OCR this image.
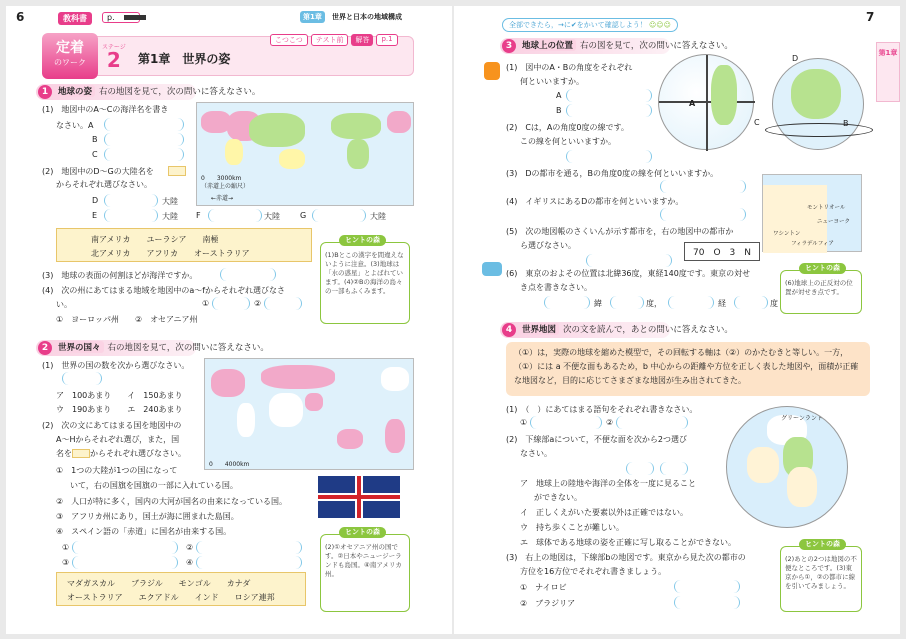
6	教科書	p.	第1章	世界と日本の地域構成
定着
のワーク
ステージ
2	第1章　世界の姿
こつこつ	テスト前	解答	p.1
1 地球の姿 右の地図を見て，次の問いに答えなさい。
(1)　地図中のA～Cの海洋名を書き
なさい。A
B
C
(2)　地図中のD～Gの大陸名を
からそれぞれ選びなさい。
D	大陸
E	大陸 F	大陸	G	大陸
0　　3000km
（赤道上の縮尺）
←赤道→
南アメリカ　　ユーラシア　　南極
北アメリカ　　アフリカ　　オーストラリア
ヒントの森
(1)Bとこの漢字を間違えないように注意。(3)地球は「水の惑星」とよばれています。(4)②Bの海洋の島々の一部もふくみます。
(3)　地球の表面の何割ほどが海洋ですか。
(4)　次の州にあてはまる地域を地図中のa～fからそれぞれ選びなさ
い。	①	②
①　ヨーロッパ州　　②　オセアニア州
2 世界の国々 右の地図を見て，次の問いに答えなさい。
(1)　世界の国の数を次から選びなさい。
ア　100あまり　　イ　150あまり
ウ　190あまり　　エ　240あまり
(2)　次の文にあてはまる国を地図中の
A～Hからそれぞれ選び，また，国
名を からそれぞれ選びなさい。
①　1つの大陸が1つの国になって
いて，右の国旗を国旗の一部に入れている国。
②　人口が特に多く，国内の大河が国名の由来になっている国。
③　アフリカ州にあり，国土が海に囲まれた島国。
④　スペイン語の「赤道」に国名が由来する国。
①	②
③	④
0　　4000km
ヒントの森
(2)①オセアニア州の国です。②日本やニュージーランドも島国。④南アメリカ州。
マダガスカル　　ブラジル　　モンゴル　　カナダ
オーストラリア　　エクアドル　　インド　　ロシア連邦
7
全部できたら，→に✔をかいて確認しよう！ ☺☺☺
第1章
3 地球上の位置 右の図を見て，次の問いに答えなさい。
(1)　図中のA・Bの角度をそれぞれ
何といいますか。
A
B
(2)　Cは，Aの角度0度の線です。
この線を何といいますか。
(3)　Dの都市を通る，Bの角度0度の線を何といいますか。
(4)　イギリスにあるDの都市を何といいますか。
(5)　次の地図帳のさくいんが示す都市を，右の地図中の都市か
ら選びなさい。
70　O　3　N
(6)　東京のおよその位置は北緯36度，東経140度です。東京の対せ
き点を書きなさい。
緯	度，	経	度
A
C	B
D
モントリオール
ニューヨーク
ワシントン
フィラデルフィア
ヒントの森
(6)地球上の正反対の位置が対せき点です。
4 世界地図 次の文を読んで，あとの問いに答えなさい。
（①）は，実際の地球を縮めた模型で，その回転する軸は（②）のかたむきと等しい。一方，（①）には a 不便な面もあるため，b 中心からの距離や方位を正しく表した地図や，面積が正確な地図など，目的に応じてさまざまな地図が生み出されてきた。
(1)　（　）にあてはまる語句をそれぞれ書きなさい。
①	②
(2)　下線部aについて，不便な面を次から2つ選び
なさい。
ア　地球上の陸地や海洋の全体を一度に見ること
ができない。
イ　正しくえがいた要素以外は正確ではない。
ウ　持ち歩くことが難しい。
エ　球体である地球の姿を正確に写し取ることができない。
(3)　右上の地図は，下線部bの地図です。東京から見た次の都市の
方位を16方位でそれぞれ書きましょう。
①　ナイロビ
②　ブラジリア
グリーンランド
ヒントの森
(2)あとの2つは地図の不便なところです。(3)東京から①，②の都市に線を引いてみましょう。
